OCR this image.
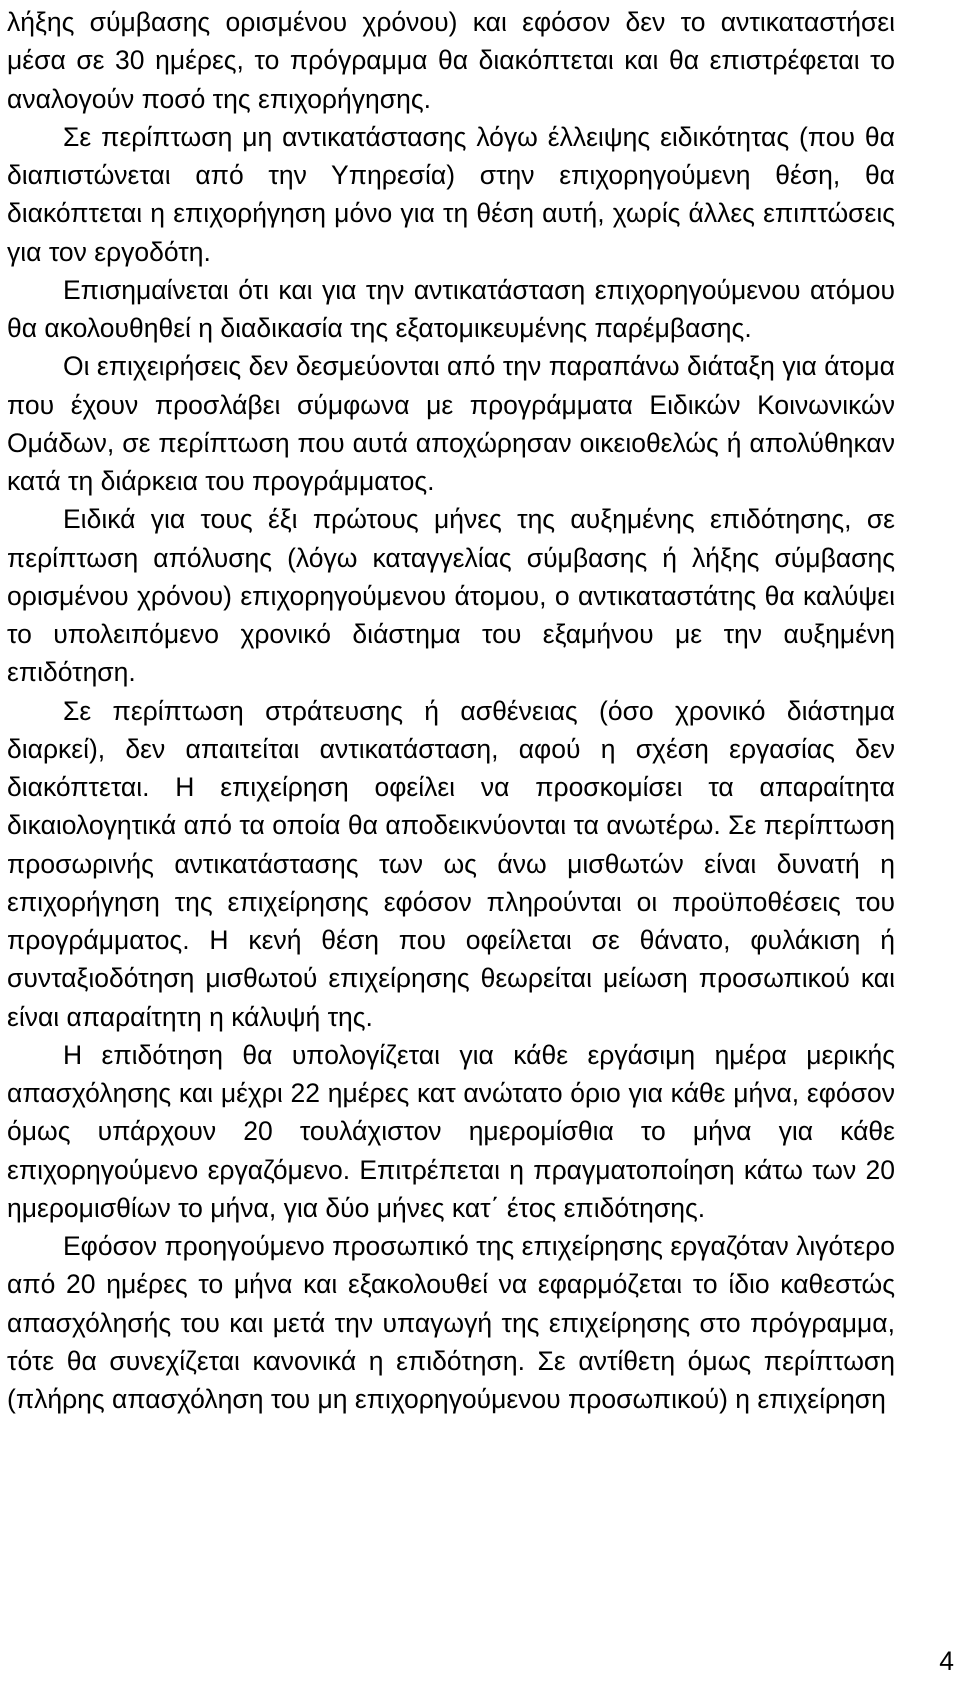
λήξης σύμβασης ορισμένου χρόνου) και εφόσον δεν το αντικαταστήσει μέσα σε 30 ημέρες, το πρόγραμμα θα διακόπτεται και θα επιστρέφεται το αναλογούν ποσό της επιχορήγησης.

Σε περίπτωση μη αντικατάστασης λόγω έλλειψης ειδικότητας (που θα διαπιστώνεται από την Υπηρεσία) στην επιχορηγούμενη θέση, θα διακόπτεται η επιχορήγηση μόνο για τη θέση αυτή, χωρίς άλλες επιπτώσεις για τον εργοδότη.

Επισημαίνεται ότι και για την αντικατάσταση επιχορηγούμενου ατόμου θα ακολουθηθεί η διαδικασία της εξατομικευμένης παρέμβασης.

Οι επιχειρήσεις δεν δεσμεύονται από την παραπάνω διάταξη για άτομα που έχουν προσλάβει σύμφωνα με προγράμματα Ειδικών Κοινωνικών Ομάδων, σε περίπτωση που αυτά αποχώρησαν οικειοθελώς ή απολύθηκαν κατά τη διάρκεια του προγράμματος.

Ειδικά για τους έξι πρώτους μήνες της αυξημένης επιδότησης, σε περίπτωση απόλυσης (λόγω καταγγελίας σύμβασης ή λήξης σύμβασης ορισμένου χρόνου) επιχορηγούμενου άτομου, ο αντικαταστάτης θα καλύψει το υπολειπόμενο χρονικό διάστημα του εξαμήνου με την αυξημένη επιδότηση.

Σε περίπτωση στράτευσης ή ασθένειας (όσο χρονικό διάστημα διαρκεί), δεν απαιτείται αντικατάσταση, αφού η σχέση εργασίας δεν διακόπτεται. Η επιχείρηση οφείλει να προσκομίσει τα απαραίτητα δικαιολογητικά από τα οποία θα αποδεικνύονται τα ανωτέρω. Σε περίπτωση προσωρινής αντικατάστασης των ως άνω μισθωτών είναι δυνατή η επιχορήγηση της επιχείρησης εφόσον πληρούνται οι προϋποθέσεις του προγράμματος. Η κενή θέση που οφείλεται σε θάνατο, φυλάκιση ή συνταξιοδότηση μισθωτού επιχείρησης θεωρείται μείωση προσωπικού και είναι απαραίτητη η κάλυψή της.

Η επιδότηση θα υπολογίζεται για κάθε εργάσιμη ημέρα μερικής απασχόλησης και μέχρι 22 ημέρες κατ ανώτατο όριο για κάθε μήνα, εφόσον όμως υπάρχουν 20 τουλάχιστον ημερομίσθια το μήνα για κάθε επιχορηγούμενο εργαζόμενο. Επιτρέπεται η πραγματοποίηση κάτω των 20 ημερομισθίων το μήνα, για δύο μήνες κατ΄ έτος επιδότησης.

Εφόσον προηγούμενο προσωπικό της επιχείρησης εργαζόταν λιγότερο από 20 ημέρες το μήνα και εξακολουθεί να εφαρμόζεται το ίδιο καθεστώς απασχόλησής του και μετά την υπαγωγή της επιχείρησης στο πρόγραμμα, τότε θα συνεχίζεται κανονικά η επιδότηση. Σε αντίθετη όμως περίπτωση (πλήρης απασχόληση του μη επιχορηγούμενου προσωπικού) η επιχείρηση

4
